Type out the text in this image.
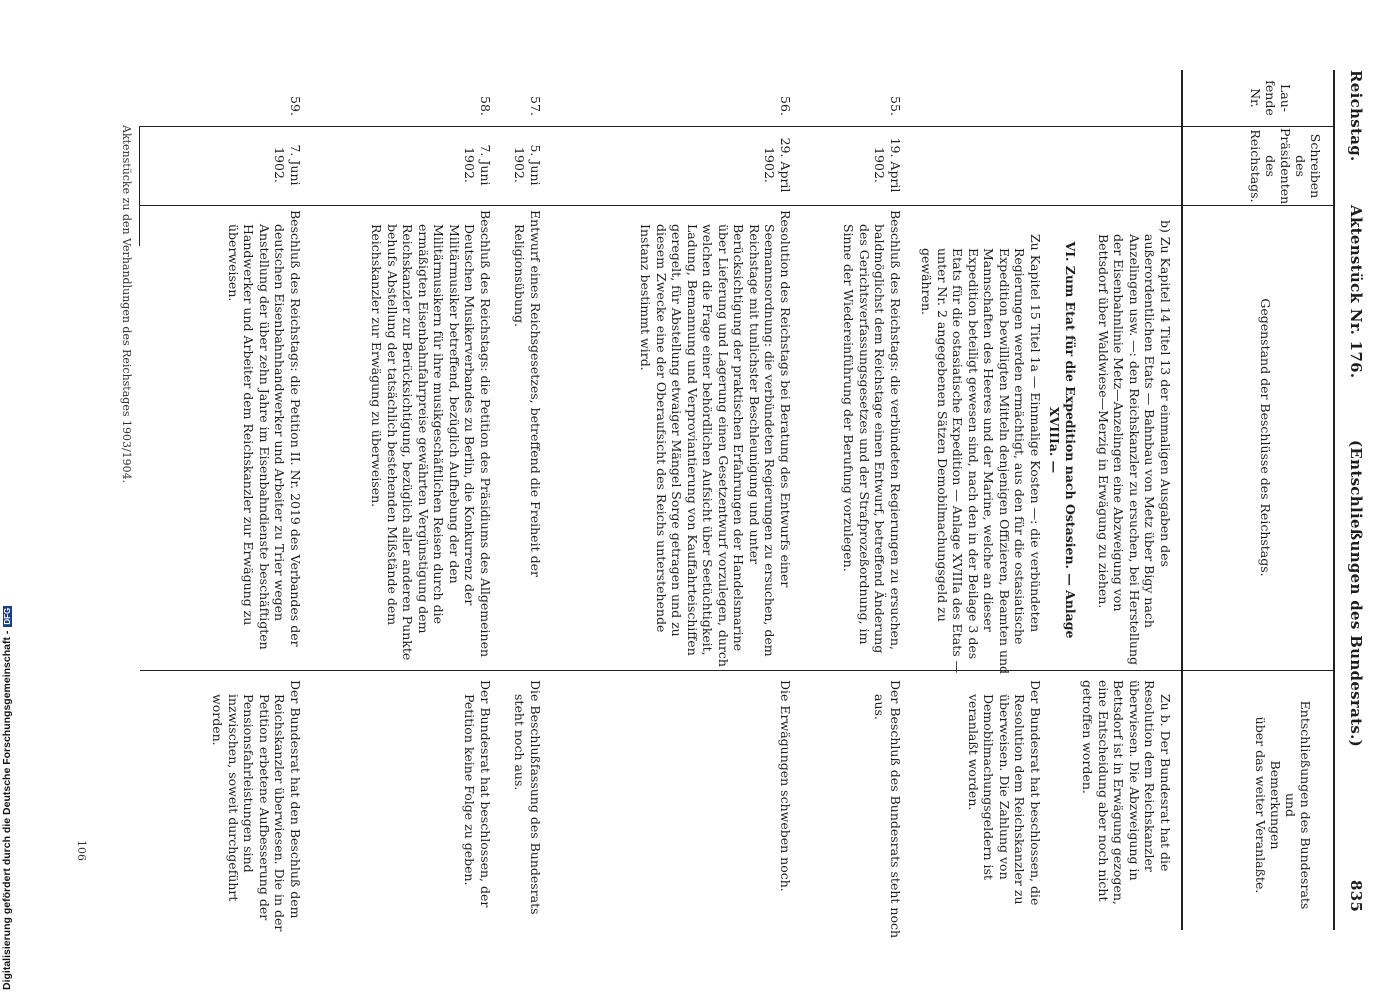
Reichstag.
Aktenstück Nr. 176.
(Entschließungen des Bundesrats.)
835
Lau-
fende
Nr.
Schreiben
des
Präsidenten
des
Reichstags.
Gegenstand der Beschlüsse des Reichstags.
Entschließungen des Bundesrats
und
Bemerkungen
über das weiter Veranlaßte.
b) Zu Kapitel 14 Titel 13 der einmaligen Ausgaben des außerordentlichen Etats — Bahnbau von Metz über Bigy nach Anzelingen usw. —: den Reichskanzler zu ersuchen, bei Herstellung der Eisenbahnlinie Metz—Anzelingen eine Abzweigung von Bettsdorf über Waldwiese—Merzig in Erwägung zu ziehen.
Zu b. Der Bundesrat hat die Resolution dem Reichskanzler überwiesen. Die Abzweigung in Bettsdorf ist in Erwägung gezogen, eine Entscheidung aber noch nicht getroffen worden.
VI. Zum Etat für die Expedition nach Ostasien. — Anlage XVIIIa. —
Zu Kapitel 15 Titel 1a — Einmalige Kosten —: die verbündeten Regierungen werden ermächtigt, aus den für die ostasiatische Expedition bewilligten Mitteln denjenigen Offizieren, Beamten und Mannschaften des Heeres und der Marine, welche an dieser Expedition beteiligt gewesen sind, nach den in der Beilage 3 des Etats für die ostasiatische Expedition — Anlage XVIIIa des Etats — unter Nr. 2 angegebenen Sätzen Demobilmachungsgeld zu gewähren.
Der Bundesrat hat beschlossen, die Resolution dem Reichskanzler zu überweisen. Die Zahlung von Demobilmachungsgeldern ist veranlaßt worden.
55.
19. April 1902.
Beschluß des Reichstags: die verbündeten Regierungen zu ersuchen, baldmöglichst dem Reichstage einen Entwurf, betreffend Änderung des Gerichtsverfassungsgesetzes und der Strafprozeßordnung, im Sinne der Wiedereinführung der Berufung vorzulegen.
Der Beschluß des Bundesrats steht noch aus.
56.
29. April 1902.
Resolution des Reichstags bei Beratung des Entwurfs einer Seemannsordnung: die verbündeten Regierungen zu ersuchen, dem Reichstage mit tunlichster Beschleunigung und unter Berücksichtigung der praktischen Erfahrungen der Handelsmarine über Lieferung und Lagerung einen Gesetzentwurf vorzulegen, durch welchen die Frage einer behördlichen Aufsicht über Seetüchtigkeit, Ladung, Bemannung und Verproviantierung von Kauffahrteischiffen geregelt, für Abstellung etwaiger Mängel Sorge getragen und zu diesem Zwecke eine der Oberaufsicht des Reichs unterstehende Instanz bestimmt wird.
Die Erwägungen schweben noch.
57.
5. Juni 1902.
Entwurf eines Reichsgesetzes, betreffend die Freiheit der Religionsübung.
Die Beschlußfassung des Bundesrats steht noch aus.
58.
7. Juni 1902.
Beschluß des Reichstags: die Petition des Präsidiums des Allgemeinen Deutschen Musikerverbandes zu Berlin, die Konkurrenz der Militärmusiker betreffend, bezüglich Aufhebung der den Militärmusikern für ihre musikgeschäftlichen Reisen durch die ermäßigten Eisenbahnfahrpreise gewährten Vergünstigung dem Reichskanzler zur Berücksichtigung, bezüglich aller anderen Punkte behufs Abstellung der tatsächlich bestehenden Mißstände dem Reichskanzler zur Erwägung zu überweisen.
Der Bundesrat hat beschlossen, der Petition keine Folge zu geben.
59.
7. Juni 1902.
Beschluß des Reichstags: die Petition II. Nr. 2019 des Verbandes der deutschen Eisenbahnhandwerker und Arbeiter zu Trier wegen Anstellung der über zehn Jahre im Eisenbahndienste beschäftigten Handwerker und Arbeiter dem Reichskanzler zur Erwägung zu überweisen.
Der Bundesrat hat den Beschluß dem Reichskanzler überwiesen. Die in der Petition erbetene Aufbesserung der Pensionsfahrleistungen sind inzwischen, soweit durchgeführt worden.
Aktenstücke zu den Verhandlungen des Reichstages 1903/1904.
106
Digitalisierung gefördert durch die Deutsche Forschungsgemeinschaft -DFG
